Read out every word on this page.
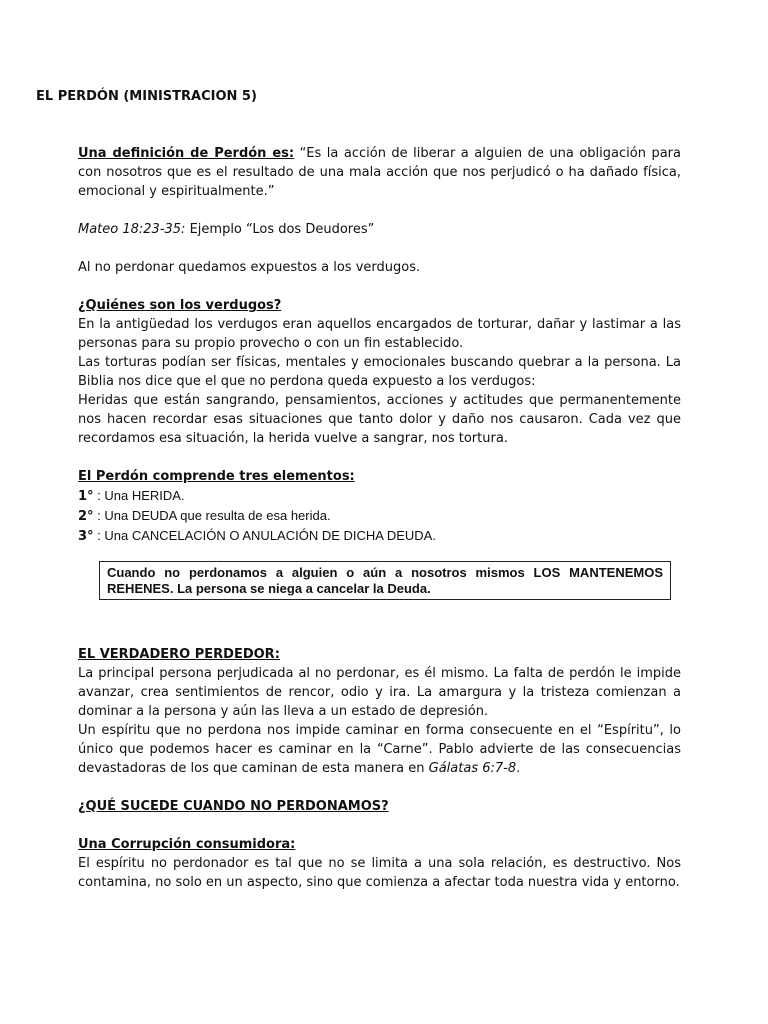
EL PERDÓN (MINISTRACION 5)

Una definición de Perdón es: “Es la acción de liberar a alguien de una obligación para con nosotros que es el resultado de una mala acción que nos perjudicó o ha dañado física, emocional y espiritualmente.”

Mateo 18:23-35: Ejemplo “Los dos Deudores”

Al no perdonar quedamos expuestos a los verdugos.

¿Quiénes son los verdugos?

En la antigüedad los verdugos eran aquellos encargados de torturar, dañar y lastimar a las personas para su propio provecho o con un fin establecido.

Las torturas podían ser físicas, mentales y emocionales buscando quebrar a la persona. La Biblia nos dice que el que no perdona queda expuesto a los verdugos:

Heridas que están sangrando, pensamientos, acciones y actitudes que permanentemente nos hacen recordar esas situaciones que tanto dolor y daño nos causaron. Cada vez que recordamos esa situación, la herida vuelve a sangrar, nos tortura.

El Perdón comprende tres elementos:

1° : Una HERIDA.

2° : Una DEUDA que resulta de esa herida.

3° : Una CANCELACIÓN O ANULACIÓN DE DICHA DEUDA.

Cuando no perdonamos a alguien o aún a nosotros mismos LOS MANTENEMOS REHENES. La persona se niega a cancelar la Deuda.

EL VERDADERO PERDEDOR:

La principal persona perjudicada al no perdonar, es él mismo. La falta de perdón le impide avanzar, crea sentimientos de rencor, odio y ira. La amargura y la tristeza comienzan a dominar a la persona y aún las lleva a un estado de depresión.

Un espíritu que no perdona nos impide caminar en forma consecuente en el “Espíritu”, lo único que podemos hacer es caminar en la “Carne”. Pablo advierte de las consecuencias devastadoras de los que caminan de esta manera en Gálatas 6:7-8.

¿QUÉ SUCEDE CUANDO NO PERDONAMOS?

Una Corrupción consumidora:

El espíritu no perdonador es tal que no se limita a una sola relación, es destructivo. Nos contamina, no solo en un aspecto, sino que comienza a afectar toda nuestra vida y entorno.
